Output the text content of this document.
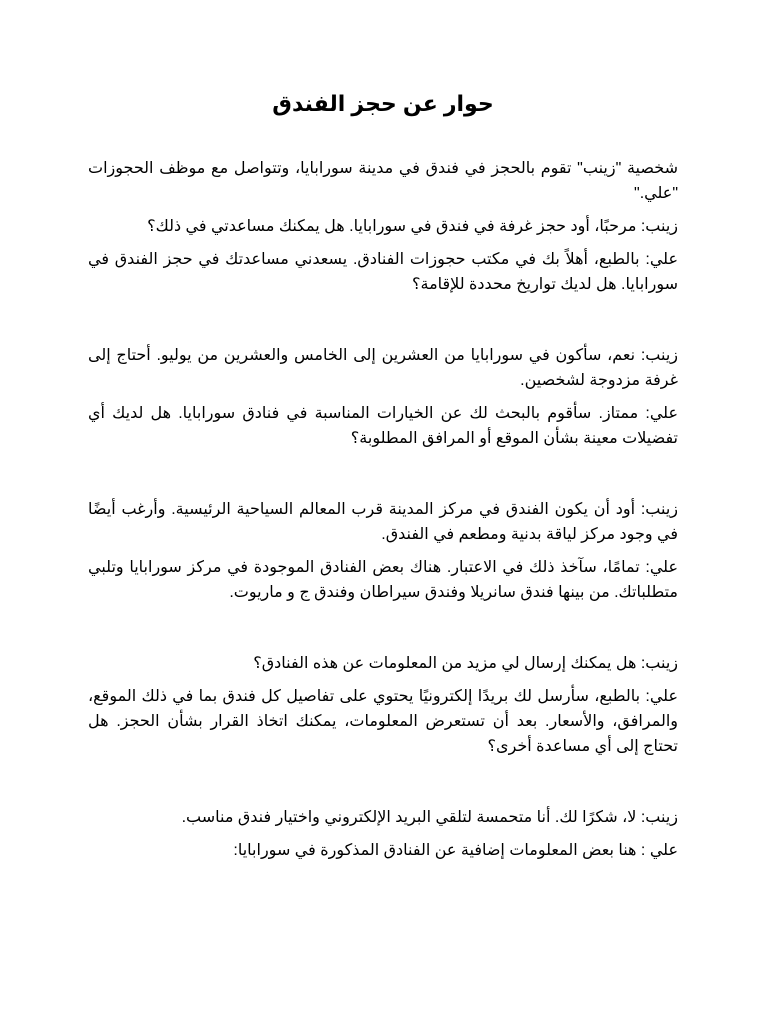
حوار عن حجز الفندق

شخصية "زينب" تقوم بالحجز في فندق في مدينة سورابايا، وتتواصل مع موظف الحجوزات "علي."

زينب: مرحبًا، أود حجز غرفة في فندق في سورابايا. هل يمكنك مساعدتي في ذلك؟

علي: بالطبع، أهلاً بك في مكتب حجوزات الفنادق. يسعدني مساعدتك في حجز الفندق في سورابايا. هل لديك تواريخ محددة للإقامة؟

زينب: نعم، سأكون في سورابايا من العشرين إلى الخامس والعشرين من يوليو. أحتاج إلى غرفة مزدوجة لشخصين.

علي: ممتاز. سأقوم بالبحث لك عن الخيارات المناسبة في فنادق سورابايا. هل لديك أي تفضيلات معينة بشأن الموقع أو المرافق المطلوبة؟

زينب: أود أن يكون الفندق في مركز المدينة قرب المعالم السياحية الرئيسية. وأرغب أيضًا في وجود مركز لياقة بدنية ومطعم في الفندق.

علي: تمامًا، سآخذ ذلك في الاعتبار. هناك بعض الفنادق الموجودة في مركز سورابايا وتلبي متطلباتك. من بينها فندق سانريلا وفندق سيراطان وفندق ج و ماريوت.

زينب: هل يمكنك إرسال لي مزيد من المعلومات عن هذه الفنادق؟

علي: بالطبع، سأرسل لك بريدًا إلكترونيًا يحتوي على تفاصيل كل فندق بما في ذلك الموقع، والمرافق، والأسعار. بعد أن تستعرض المعلومات، يمكنك اتخاذ القرار بشأن الحجز. هل تحتاج إلى أي مساعدة أخرى؟

زينب: لا، شكرًا لك. أنا متحمسة لتلقي البريد الإلكتروني واختيار فندق مناسب.

علي : هنا بعض المعلومات إضافية عن الفنادق المذكورة في سورابايا:
